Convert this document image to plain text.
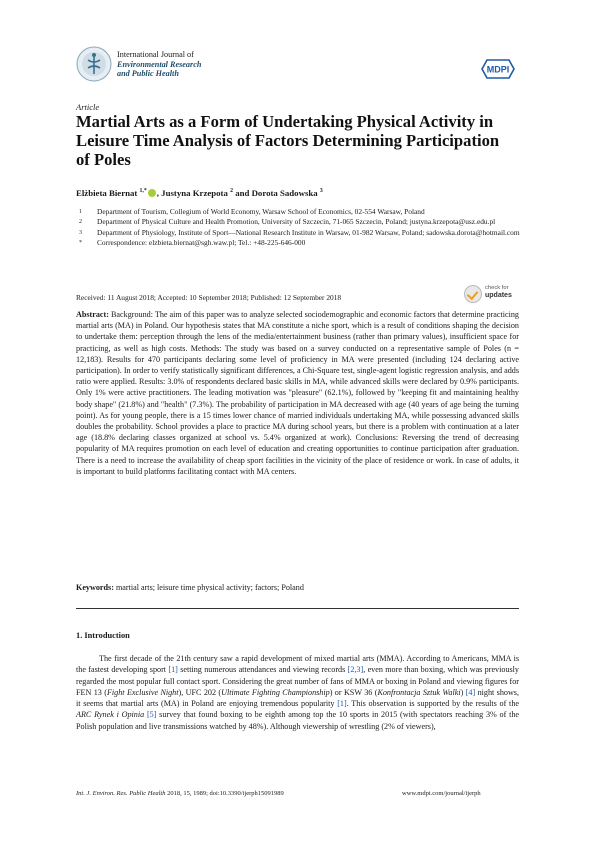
International Journal of
Environmental Research
and Public Health	MDPI
Article
Martial Arts as a Form of Undertaking Physical Activity in Leisure Time Analysis of Factors Determining Participation of Poles
Elżbieta Biernat $^{1,*}$ , Justyna Krzepota $^2$ and Dorota Sadowska $^3$
1	Department of Tourism, Collegium of World Economy, Warsaw School of Economics, 02-554 Warsaw, Poland
2	Department of Physical Culture and Health Promotion, University of Szczecin, 71-065 Szczecin, Poland; justyna.krzepota@usz.edu.pl
3	Department of Physiology, Institute of Sport—National Research Institute in Warsaw, 01-982 Warsaw, Poland; sadowska.dorota@hotmail.com
*	Correspondence: elzbieta.biernat@sgh.waw.pl; Tel.: +48-225-646-000
Received: 11 August 2018; Accepted: 10 September 2018; Published: 12 September 2018
check for
updates
Abstract: Background: The aim of this paper was to analyze selected sociodemographic and economic factors that determine practicing martial arts (MA) in Poland. Our hypothesis states that MA constitute a niche sport, which is a result of conditions shaping the decision to undertake them: perception through the lens of the media/entertainment business (rather than primary values), insufficient space for practicing, as well as high costs. Methods: The study was based on a survey conducted on a representative sample of Poles (n = 12,183). Results for 470 participants declaring some level of proficiency in MA were presented (including 124 declaring active participation). In order to verify statistically significant differences, a Chi-Square test, single-agent logistic regression analysis, and adds ratio were applied. Results: 3.0% of respondents declared basic skills in MA, while advanced skills were declared by 0.9% participants. Only 1% were active practitioners. The leading motivation was "pleasure" (62.1%), followed by "keeping fit and maintaining healthy body shape" (21.8%) and "health" (7.3%). The probability of participation in MA decreased with age (40 years of age being the turning point). As for young people, there is a 15 times lower chance of married individuals undertaking MA, while possessing advanced skills doubles the probability. School provides a place to practice MA during school years, but there is a problem with continuation at a later age (18.8% declaring classes organized at school vs. 5.4% organized at work). Conclusions: Reversing the trend of decreasing popularity of MA requires promotion on each level of education and creating opportunities to continue participation after graduation. There is a need to increase the availability of cheap sport facilities in the vicinity of the place of residence or work. In case of adults, it is important to build platforms facilitating contact with MA centers.
Keywords: martial arts; leisure time physical activity; factors; Poland
1. Introduction

The first decade of the 21th century saw a rapid development of mixed martial arts (MMA). According to Americans, MMA is the fastest developing sport [1] setting numerous attendances and viewing records [2,3], even more than boxing, which was previously regarded the most popular full contact sport. Considering the great number of fans of MMA or boxing in Poland and viewing figures for FEN 13 (Fight Exclusive Night), UFC 202 (Ultimate Fighting Championship) or KSW 36 (Konfrontacja Sztuk Walki) [4] night shows, it seems that martial arts (MA) in Poland are enjoying tremendous popularity [1]. This observation is supported by the results of the ARC Rynek i Opinia [5] survey that found boxing to be eighth among top the 10 sports in 2015 (with spectators reaching 3% of the Polish population and live transmissions watched by 48%). Although viewership of wrestling (2% of viewers),

Int. J. Environ. Res. Public Health 2018, 15, 1989; doi:10.3390/ijerph15091989	www.mdpi.com/journal/ijerph
